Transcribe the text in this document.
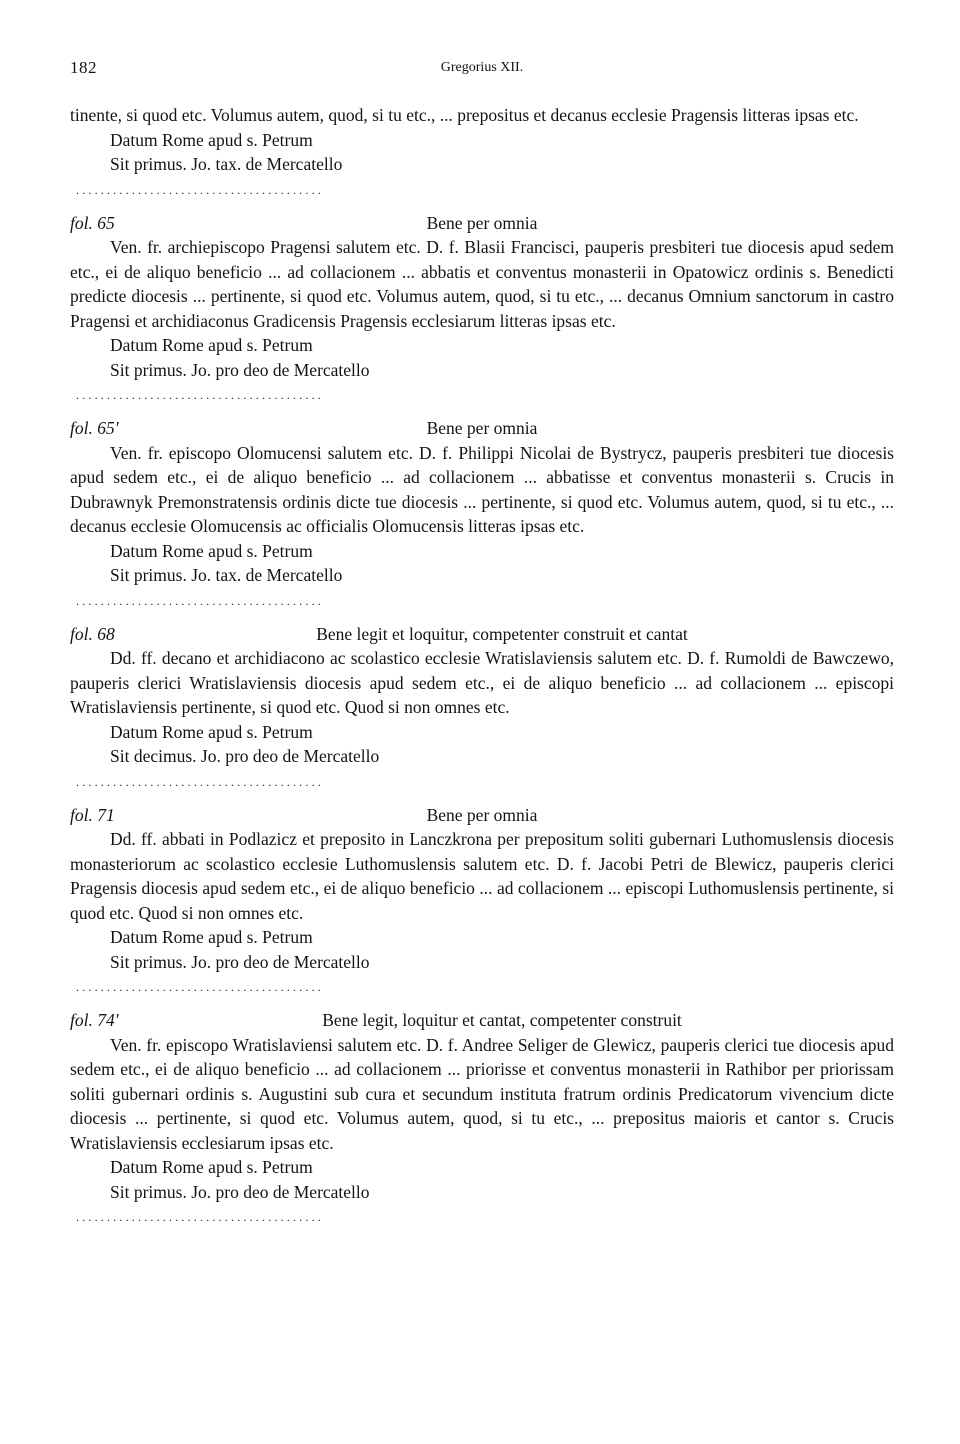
182	Gregorius XII.
tinente, si quod etc. Volumus autem, quod, si tu etc., ... prepositus et decanus ecclesie Pragensis litteras ipsas etc.
Datum Rome apud s. Petrum
Sit primus. Jo. tax. de Mercatello
........................................
fol. 65	Bene per omnia
Ven. fr. archiepiscopo Pragensi salutem etc. D. f. Blasii Francisci, pauperis presbiteri tue diocesis apud sedem etc., ei de aliquo beneficio ... ad collacionem ... abbatis et conventus monasterii in Opatowicz ordinis s. Benedicti predicte diocesis ... pertinente, si quod etc. Volumus autem, quod, si tu etc., ... decanus Omnium sanctorum in castro Pragensi et archidiaconus Gradicensis Pragensis ecclesiarum litteras ipsas etc.
Datum Rome apud s. Petrum
Sit primus. Jo. pro deo de Mercatello
........................................
fol. 65'	Bene per omnia
Ven. fr. episcopo Olomucensi salutem etc. D. f. Philippi Nicolai de Bystrycz, pauperis presbiteri tue diocesis apud sedem etc., ei de aliquo beneficio ... ad collacionem ... abbatisse et conventus monasterii s. Crucis in Dubrawnyk Premonstratensis ordinis dicte tue diocesis ... pertinente, si quod etc. Volumus autem, quod, si tu etc., ... decanus ecclesie Olomucensis ac officialis Olomucensis litteras ipsas etc.
Datum Rome apud s. Petrum
Sit primus. Jo. tax. de Mercatello
........................................
fol. 68	Bene legit et loquitur, competenter construit et cantat
Dd. ff. decano et archidiacono ac scolastico ecclesie Wratislaviensis salutem etc. D. f. Rumoldi de Bawczewo, pauperis clerici Wratislaviensis diocesis apud sedem etc., ei de aliquo beneficio ... ad collacionem ... episcopi Wratislaviensis pertinente, si quod etc. Quod si non omnes etc.
Datum Rome apud s. Petrum
Sit decimus. Jo. pro deo de Mercatello
........................................
fol. 71	Bene per omnia
Dd. ff. abbati in Podlazicz et preposito in Lanczkrona per prepositum soliti gubernari Luthomuslensis diocesis monasteriorum ac scolastico ecclesie Luthomuslensis salutem etc. D. f. Jacobi Petri de Blewicz, pauperis clerici Pragensis diocesis apud sedem etc., ei de aliquo beneficio ... ad collacionem ... episcopi Luthomuslensis pertinente, si quod etc. Quod si non omnes etc.
Datum Rome apud s. Petrum
Sit primus. Jo. pro deo de Mercatello
........................................
fol. 74'	Bene legit, loquitur et cantat, competenter construit
Ven. fr. episcopo Wratislaviensi salutem etc. D. f. Andree Seliger de Glewicz, pauperis clerici tue diocesis apud sedem etc., ei de aliquo beneficio ... ad collacionem ... priorisse et conventus monasterii in Rathibor per priorissam soliti gubernari ordinis s. Augustini sub cura et secundum instituta fratrum ordinis Predicatorum vivencium dicte diocesis ... pertinente, si quod etc. Volumus autem, quod, si tu etc., ... prepositus maioris et cantor s. Crucis Wratislaviensis ecclesiarum ipsas etc.
Datum Rome apud s. Petrum
Sit primus. Jo. pro deo de Mercatello
........................................
